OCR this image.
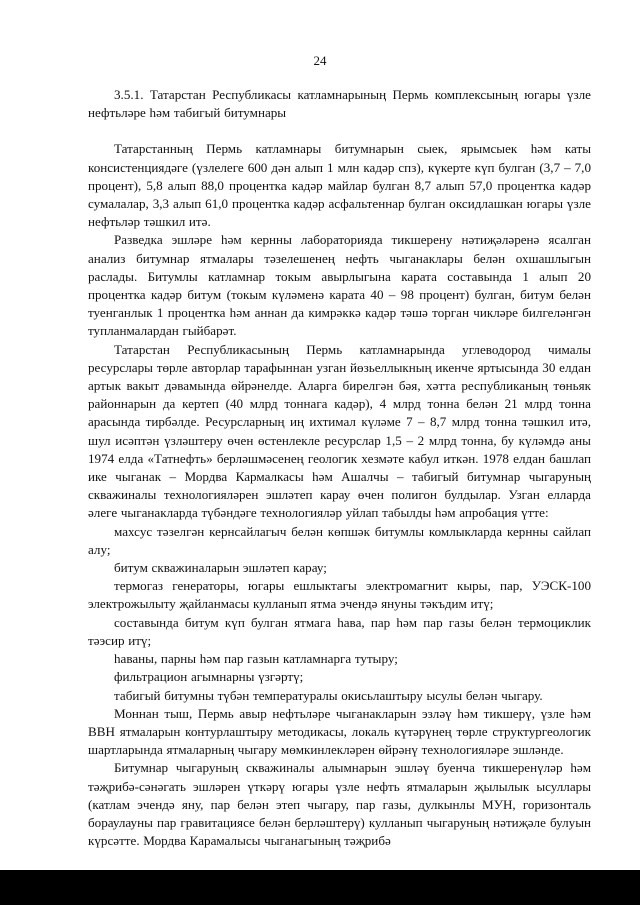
24

3.5.1. Татарстан Республикасы катламнарының Пермь комплексының югары үзле нефтьләре һәм табигый битумнары

Татарстанның Пермь катламнары битумнарын сыек, ярымсыек һәм каты консистенциядәге (үзлелеге 600 дән алып 1 млн кадәр спз), күкерте күп булган (3,7 – 7,0 процент), 5,8 алып 88,0 процентка кадәр майлар булган 8,7 алып 57,0 процентка кадәр сумалалар, 3,3 алып 61,0 процентка кадәр асфальтеннар булган оксидлашкан югары үзле нефтьләр тәшкил итә.

Разведка эшләре һәм кернны лабораторияда тикшерену нәтиҗәләренә ясалган анализ битумнар ятмалары тәзелешенең нефть чыганаклары белән охшашлыгын раслады. Битумлы катламнар токым авырлыгына карата составында 1 алып 20 процентка кадәр битум (токым күләменә карата 40 – 98 процент) булган, битум белән туенганлык 1 процентка һәм аннан да кимрәккә кадәр тәшә торган чикләре билгеләнгән тупланмалардан гыйбарәт.

Татарстан Республикасының Пермь катламнарында углеводород чималы ресурслары төрле авторлар тарафыннан узган йөзьеллыкның икенче яртысында 30 елдан артык вакыт дәвамында өйрәнелде. Аларга бирелгән бәя, хәтта республиканың төньяк районнарын да кертеп (40 млрд тоннага кадәр), 4 млрд тонна белән 21 млрд тонна арасында тирбәлде. Ресурсларның иң ихтимал күләме 7 – 8,7 млрд тонна тәшкил итә, шул исәптән үзләштеру өчен өстенлекле ресурслар 1,5 – 2 млрд тонна, бу күләмдә аны 1974 елда «Татнефть» берләшмәсенең геологик хезмәте кабул иткән. 1978 елдан башлап ике чыганак – Мордва Кармалкасы һәм Ашалчы – табигый битумнар чыгаруның скважиналы технологияләрен эшләтеп карау өчен полигон булдылар. Узган елларда әлеге чыганакларда түбәндәге технологияләр уйлап табылды һәм апробация үтте:

махсус тәзелгән кернсайлагыч белән көпшәк битумлы комлыкларда кернны сайлап алу;

битум скважиналарын эшләтеп карау;

термогаз генераторы, югары ешлыктагы электромагнит кыры, пар, УЭСК-100 электрожылыту җайланмасы кулланып ятма эчендә януны тәкъдим итү;

составында битум күп булган ятмага һава, пар һәм пар газы белән термоциклик тәэсир итү;

һаваны, парны һәм пар газын катламнарга тутыру;

фильтрацион агымнарны үзгәртү;

табигый битумны түбән температуралы окисьлаштыру ысулы белән чыгару.

Моннан тыш, Пермь авыр нефтьләре чыганакларын эзләү һәм тикшерү, үзле һәм ВВН ятмаларын контурлаштыру методикасы, локаль күтәрүнең төрле структургеологик шартларында ятмаларның чыгару мөмкинлекләрен өйрәнү технологияләре эшләнде.

Битумнар чыгаруның скважиналы алымнарын эшләү буенча тикшеренүләр һәм тәҗрибә-сәнәгать эшләрен үткәрү югары үзле нефть ятмаларын җылылык ысуллары (катлам эчендә яну, пар белән этеп чыгару, пар газы, дулкынлы МУН, горизонталь бораулауны пар гравитациясе белән берләштерү) кулланып чыгаруның нәтиҗәле булуын күрсәтте. Мордва Карамалысы чыганагының тәҗрибә
